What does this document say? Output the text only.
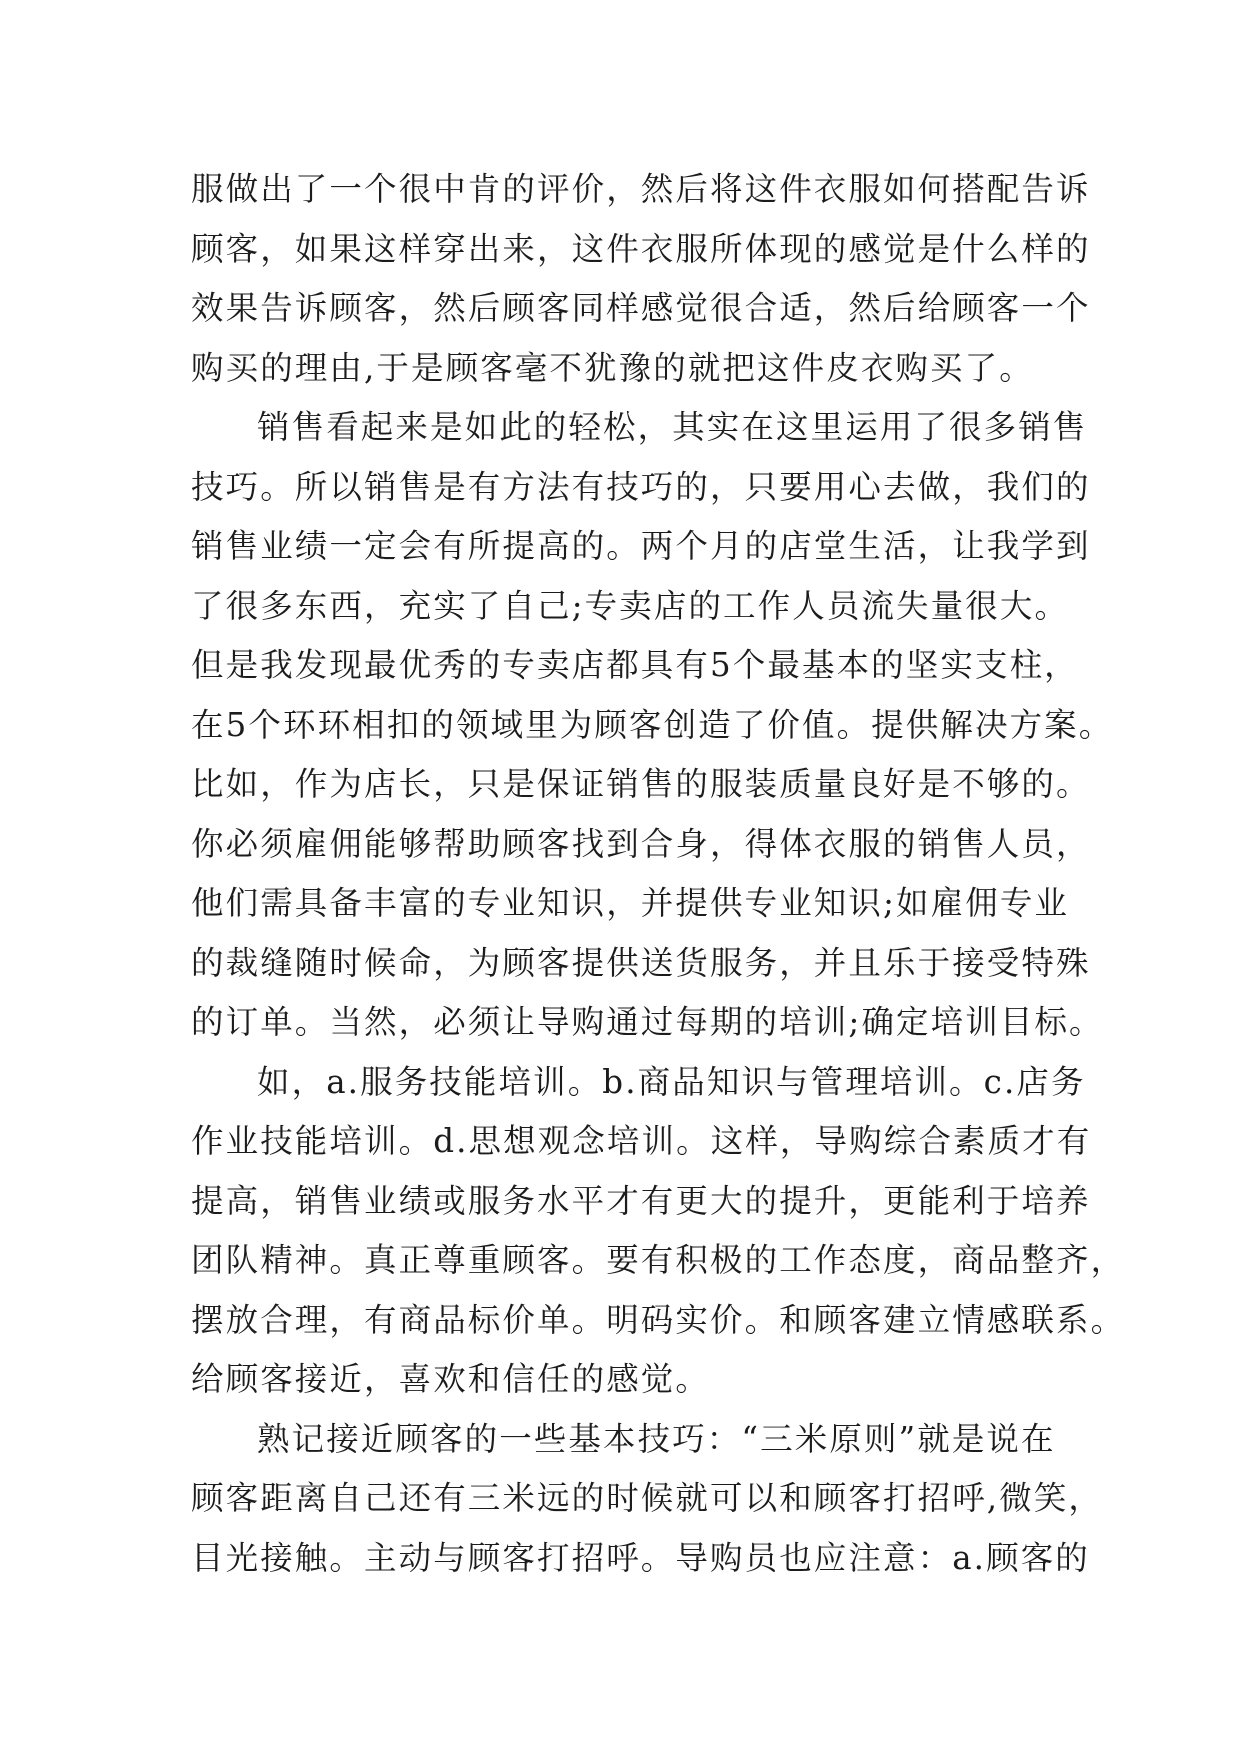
服做出了一个很中肯的评价，然后将这件衣服如何搭配告诉
顾客，如果这样穿出来，这件衣服所体现的感觉是什么样的
效果告诉顾客，然后顾客同样感觉很合适，然后给顾客一个
购买的理由,于是顾客毫不犹豫的就把这件皮衣购买了。
销售看起来是如此的轻松，其实在这里运用了很多销售
技巧。所以销售是有方法有技巧的，只要用心去做，我们的
销售业绩一定会有所提高的。两个月的店堂生活，让我学到
了很多东西，充实了自己;专卖店的工作人员流失量很大。
但是我发现最优秀的专卖店都具有5个最基本的坚实支柱，
在5个环环相扣的领域里为顾客创造了价值。提供解决方案。
比如，作为店长，只是保证销售的服装质量良好是不够的。
你必须雇佣能够帮助顾客找到合身，得体衣服的销售人员，
他们需具备丰富的专业知识，并提供专业知识;如雇佣专业
的裁缝随时候命，为顾客提供送货服务，并且乐于接受特殊
的订单。当然，必须让导购通过每期的培训;确定培训目标。
如，a.服务技能培训。b.商品知识与管理培训。c.店务
作业技能培训。d.思想观念培训。这样，导购综合素质才有
提高，销售业绩或服务水平才有更大的提升，更能利于培养
团队精神。真正尊重顾客。要有积极的工作态度，商品整齐，
摆放合理，有商品标价单。明码实价。和顾客建立情感联系。
给顾客接近，喜欢和信任的感觉。
熟记接近顾客的一些基本技巧：“三米原则”就是说在
顾客距离自己还有三米远的时候就可以和顾客打招呼,微笑，
目光接触。主动与顾客打招呼。导购员也应注意：a.顾客的
